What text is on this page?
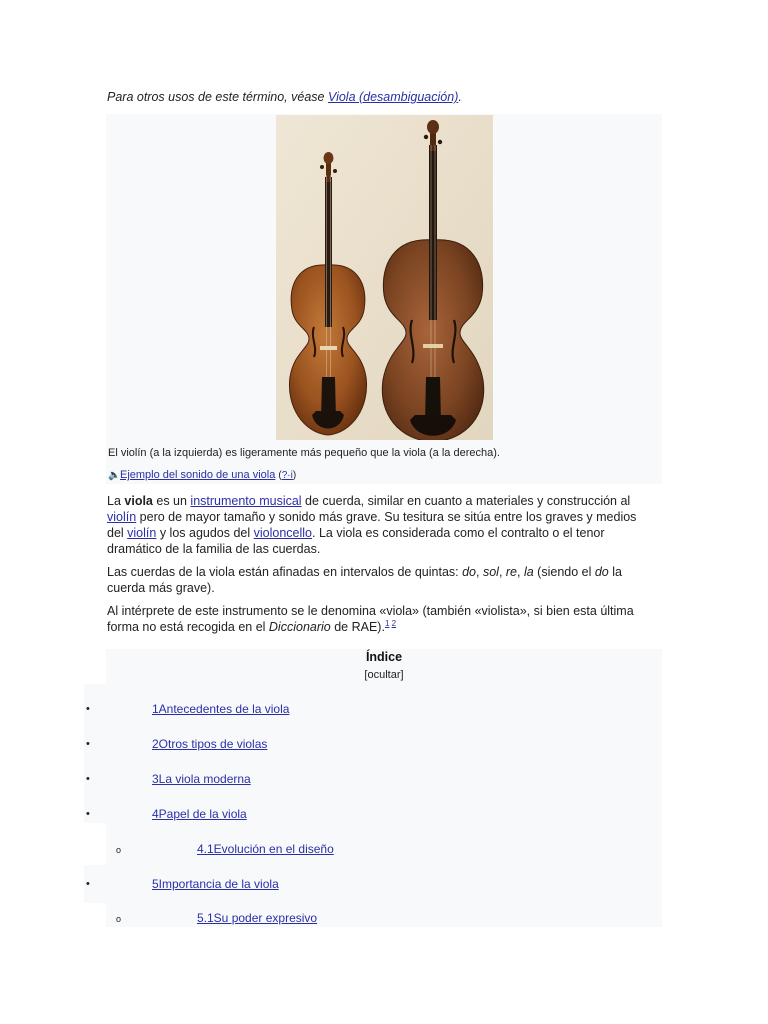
Para otros usos de este término, véase Viola (desambiguación).
El violín (a la izquierda) es ligeramente más pequeño que la viola (a la derecha).
🔈Ejemplo del sonido de una viola (?·i)

La viola es un instrumento musical de cuerda, similar en cuanto a materiales y construcción al violín pero de mayor tamaño y sonido más grave. Su tesitura se sitúa entre los graves y medios del violín y los agudos del violoncello. La viola es considerada como el contralto o el tenor dramático de la familia de las cuerdas.

Las cuerdas de la viola están afinadas en intervalos de quintas: do, sol, re, la (siendo el do la cuerda más grave).

Al intérprete de este instrumento se le denomina «viola» (también «violista», si bien esta última forma no está recogida en el Diccionario de RAE).$^{1 2}$

Índice
[ocultar]
•	1Antecedentes de la viola
•	2Otros tipos de violas
•	3La viola moderna
•	4Papel de la viola
o	4.1Evolución en el diseño
•	5Importancia de la viola
o	5.1Su poder expresivo
